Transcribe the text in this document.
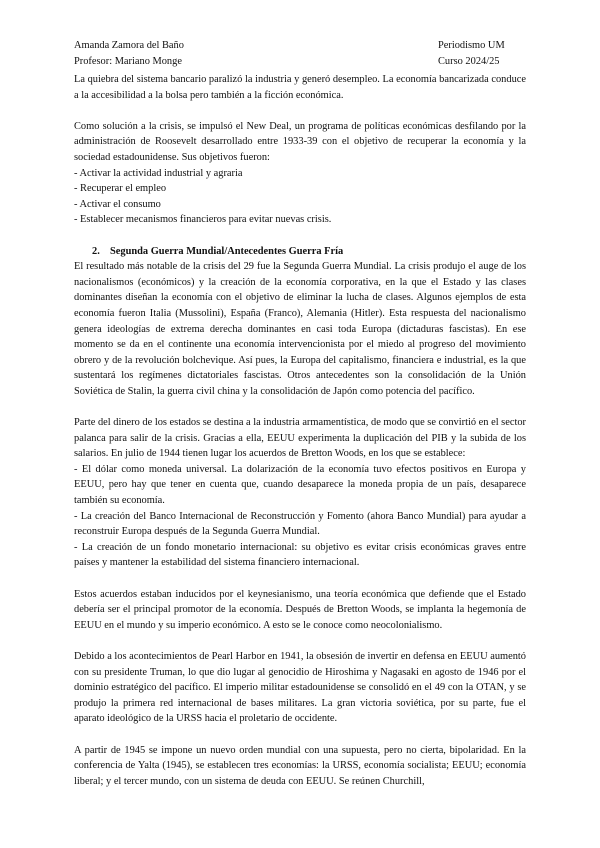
Amanda Zamora del Baño	Periodismo UM
Profesor: Mariano Monge	Curso 2024/25

La quiebra del sistema bancario paralizó la industria y generó desempleo. La economía bancarizada conduce a la accesibilidad a la bolsa pero también a la ficción económica.

Como solución a la crisis, se impulsó el New Deal, un programa de políticas económicas desfilando por la administración de Roosevelt desarrollado entre 1933-39 con el objetivo de recuperar la economía y la sociedad estadounidense. Sus objetivos fueron:

- Activar la actividad industrial y agraria
- Recuperar el empleo
- Activar el consumo
- Establecer mecanismos financieros para evitar nuevas crisis.

2. Segunda Guerra Mundial/Antecedentes Guerra Fría

El resultado más notable de la crisis del 29 fue la Segunda Guerra Mundial. La crisis produjo el auge de los nacionalismos (económicos) y la creación de la economía corporativa, en la que el Estado y las clases dominantes diseñan la economía con el objetivo de eliminar la lucha de clases. Algunos ejemplos de esta economía fueron Italia (Mussolini), España (Franco), Alemania (Hitler). Esta respuesta del nacionalismo genera ideologías de extrema derecha dominantes en casi toda Europa (dictaduras fascistas). En ese momento se da en el continente una economía intervencionista por el miedo al progreso del movimiento obrero y de la revolución bolchevique. Así pues, la Europa del capitalismo, financiera e industrial, es la que sustentará los regímenes dictatoriales fascistas. Otros antecedentes son la consolidación de la Unión Soviética de Stalin, la guerra civil china y la consolidación de Japón como potencia del pacífico.

Parte del dinero de los estados se destina a la industria armamentística, de modo que se convirtió en el sector palanca para salir de la crisis. Gracias a ella, EEUU experimenta la duplicación del PIB y la subida de los salarios. En julio de 1944 tienen lugar los acuerdos de Bretton Woods, en los que se establece:

- El dólar como moneda universal. La dolarización de la economía tuvo efectos positivos en Europa y EEUU, pero hay que tener en cuenta que, cuando desaparece la moneda propia de un país, desaparece también su economía.

- La creación del Banco Internacional de Reconstrucción y Fomento (ahora Banco Mundial) para ayudar a reconstruir Europa después de la Segunda Guerra Mundial.

- La creación de un fondo monetario internacional: su objetivo es evitar crisis económicas graves entre países y mantener la estabilidad del sistema financiero internacional.

Estos acuerdos estaban inducidos por el keynesianismo, una teoría económica que defiende que el Estado debería ser el principal promotor de la economía. Después de Bretton Woods, se implanta la hegemonía de EEUU en el mundo y su imperio económico. A esto se le conoce como neocolonialismo.

Debido a los acontecimientos de Pearl Harbor en 1941, la obsesión de invertir en defensa en EEUU aumentó con su presidente Truman, lo que dio lugar al genocidio de Hiroshima y Nagasaki en agosto de 1946 por el dominio estratégico del pacífico. El imperio militar estadounidense se consolidó en el 49 con la OTAN, y se produjo la primera red internacional de bases militares. La gran victoria soviética, por su parte, fue el aparato ideológico de la URSS hacia el proletario de occidente.

A partir de 1945 se impone un nuevo orden mundial con una supuesta, pero no cierta, bipolaridad. En la conferencia de Yalta (1945), se establecen tres economías: la URSS, economía socialista; EEUU; economía liberal; y el tercer mundo, con un sistema de deuda con EEUU. Se reúnen Churchill,
